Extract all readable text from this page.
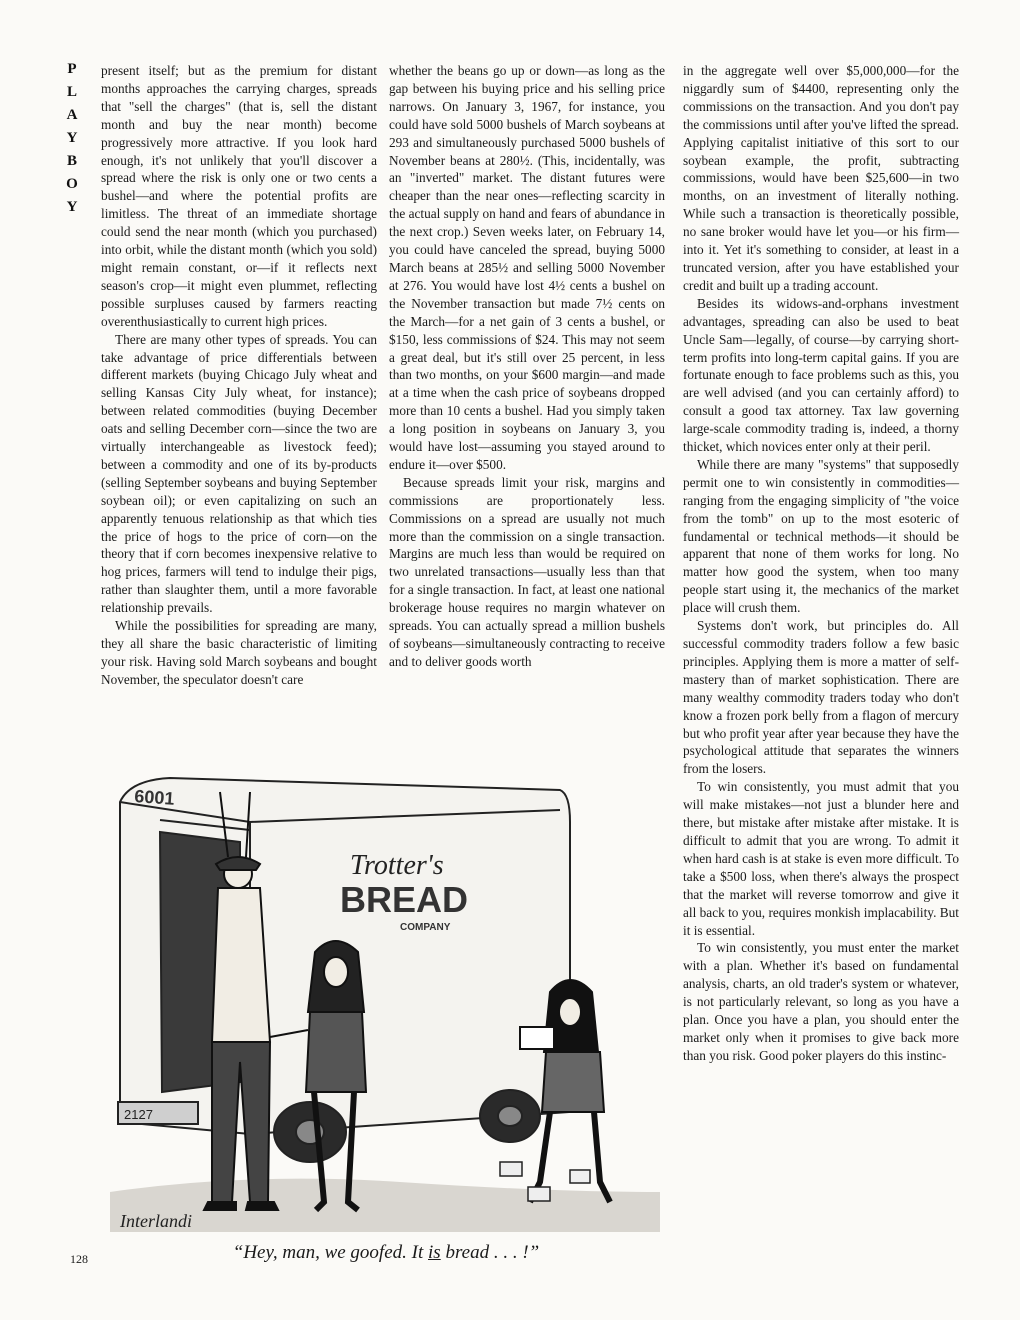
P
L
A
Y
B
O
Y

present itself; but as the premium for distant months approaches the carrying charges, spreads that "sell the charges" (that is, sell the distant month and buy the near month) become progressively more attractive. If you look hard enough, it's not unlikely that you'll discover a spread where the risk is only one or two cents a bushel—and where the potential profits are limitless. The threat of an immediate shortage could send the near month (which you purchased) into orbit, while the distant month (which you sold) might remain constant, or—if it reflects next season's crop—it might even plummet, reflecting possible surpluses caused by farmers reacting overenthusiastically to current high prices.

There are many other types of spreads. You can take advantage of price differentials between different markets (buying Chicago July wheat and selling Kansas City July wheat, for instance); between related commodities (buying December oats and selling December corn—since the two are virtually interchangeable as livestock feed); between a commodity and one of its by-products (selling September soybeans and buying September soybean oil); or even capitalizing on such an apparently tenuous relationship as that which ties the price of hogs to the price of corn—on the theory that if corn becomes inexpensive relative to hog prices, farmers will tend to indulge their pigs, rather than slaughter them, until a more favorable relationship prevails.

While the possibilities for spreading are many, they all share the basic characteristic of limiting your risk. Having sold March soybeans and bought November, the speculator doesn't care

whether the beans go up or down—as long as the gap between his buying price and his selling price narrows. On January 3, 1967, for instance, you could have sold 5000 bushels of March soybeans at 293 and simultaneously purchased 5000 bushels of November beans at 280½. (This, incidentally, was an "inverted" market. The distant futures were cheaper than the near ones—reflecting scarcity in the actual supply on hand and fears of abundance in the next crop.) Seven weeks later, on February 14, you could have canceled the spread, buying 5000 March beans at 285½ and selling 5000 November at 276. You would have lost 4½ cents a bushel on the November transaction but made 7½ cents on the March—for a net gain of 3 cents a bushel, or $150, less commissions of $24. This may not seem a great deal, but it's still over 25 percent, in less than two months, on your $600 margin—and made at a time when the cash price of soybeans dropped more than 10 cents a bushel. Had you simply taken a long position in soybeans on January 3, you would have lost—assuming you stayed around to endure it—over $500.

Because spreads limit your risk, margins and commissions are proportionately less. Commissions on a spread are usually not much more than the commission on a single transaction. Margins are much less than would be required on two unrelated transactions—usually less than that for a single transaction. In fact, at least one national brokerage house requires no margin whatever on spreads. You can actually spread a million bushels of soybeans—simultaneously contracting to receive and to deliver goods worth

in the aggregate well over $5,000,000—for the niggardly sum of $4400, representing only the commissions on the transaction. And you don't pay the commissions until after you've lifted the spread. Applying capitalist initiative of this sort to our soybean example, the profit, subtracting commissions, would have been $25,600—in two months, on an investment of literally nothing. While such a transaction is theoretically possible, no sane broker would have let you—or his firm—into it. Yet it's something to consider, at least in a truncated version, after you have established your credit and built up a trading account.

Besides its widows-and-orphans investment advantages, spreading can also be used to beat Uncle Sam—legally, of course—by carrying short-term profits into long-term capital gains. If you are fortunate enough to face problems such as this, you are well advised (and you can certainly afford) to consult a good tax attorney. Tax law governing large-scale commodity trading is, indeed, a thorny thicket, which novices enter only at their peril.

While there are many "systems" that supposedly permit one to win consistently in commodities—ranging from the engaging simplicity of "the voice from the tomb" on up to the most esoteric of fundamental or technical methods—it should be apparent that none of them works for long. No matter how good the system, when too many people start using it, the mechanics of the market place will crush them.

Systems don't work, but principles do. All successful commodity traders follow a few basic principles. Applying them is more a matter of self-mastery than of market sophistication. There are many wealthy commodity traders today who don't know a frozen pork belly from a flagon of mercury but who profit year after year because they have the psychological attitude that separates the winners from the losers.

To win consistently, you must admit that you will make mistakes—not just a blunder here and there, but mistake after mistake after mistake. It is difficult to admit that you are wrong. To admit it when hard cash is at stake is even more difficult. To take a $500 loss, when there's always the prospect that the market will reverse tomorrow and give it all back to you, requires monkish implacability. But it is essential.

To win consistently, you must enter the market with a plan. Whether it's based on fundamental analysis, charts, an old trader's system or whatever, is not particularly relevant, so long as you have a plan. Once you have a plan, you should enter the market only when it promises to give back more than you risk. Good poker players do this instinc-

6001
2127
Trotter's
BREAD
COMPANY
Interlandi
“Hey, man, we goofed. It is bread . . . !”
128
